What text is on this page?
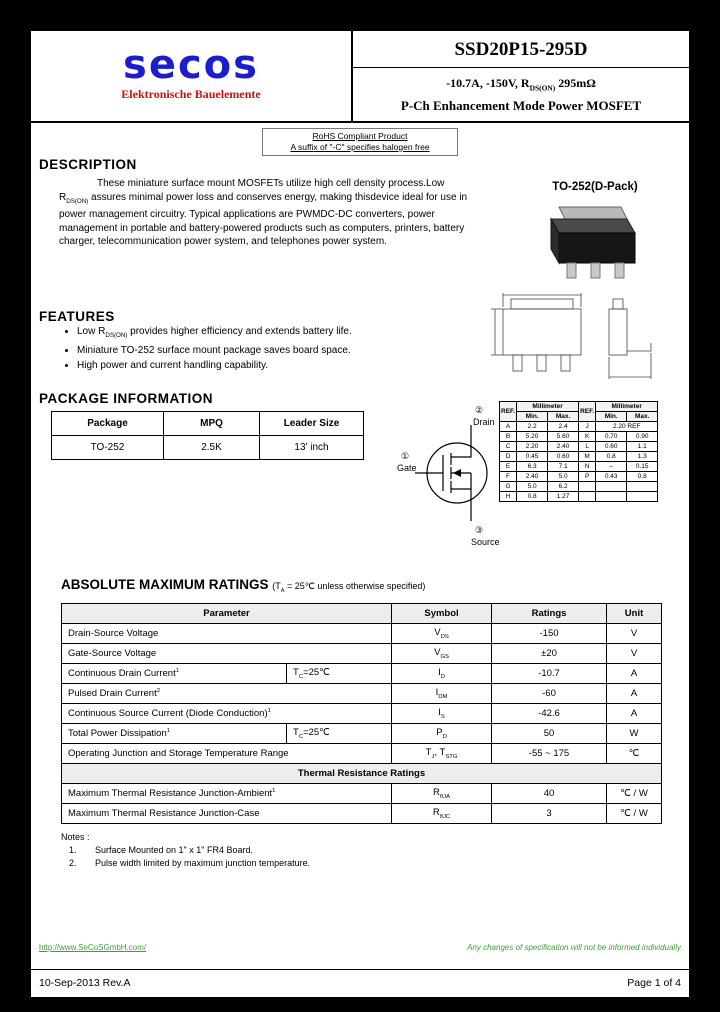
secos
Elektronische Bauelemente
SSD20P15-295D
-10.7A, -150V, $R_{DS(ON)}$ 295mΩ
P-Ch Enhancement Mode Power MOSFET
RoHS Compliant Product
A suffix of "-C" specifies halogen free
DESCRIPTION
These miniature surface mount MOSFETs utilize high cell density process.Low $R_{DS(ON)}$ assures minimal power loss and conserves energy, making thisdevice ideal for use in power management circuitry. Typical applications are PWMDC-DC converters, power management in portable and battery-powered products such as computers, printers, battery charger, telecommunication power system, and telephones power system.
TO-252(D-Pack)
FEATURES
• Low $R_{DS(ON)}$ provides higher efficiency and extends battery life.
• Miniature TO-252 surface mount package saves board space.
• High power and current handling capability.
PACKAGE INFORMATION
Package	MPQ	Leader Size
TO-252	2.5K	13' inch
②
Drain
①
Gate
③
Source
REF.	Millimeter		REF.	Millimeter	
	Min.	Max.		Min.	Max.
A	2.2	2.4	J	2.20 REF	
B	5.20	5.60	K	0.70	0.90
C	2.20	2.40	L	0.60	1.1
D	0.45	0.60	M	0.8	1.3
E	6.3	7.1	N	--	0.15
F	2.40	5.0	P	0.43	0.8
G	5.0	6.2			
H	0.8	1.27			
ABSOLUTE MAXIMUM RATINGS ($T_A$ = 25℃ unless otherwise specified)
Parameter		Symbol	Ratings	Unit
Drain-Source Voltage		$V_{DS}$	-150	V
Gate-Source Voltage		$V_{GS}$	±20	V
Continuous Drain Current$^1$	$T_C=25℃$	$I_D$	-10.7	A
Pulsed Drain Current$^2$		$I_{DM}$	-60	A
Continuous Source Current (Diode Conduction)$^1$		$I_S$	-42.6	A
Total Power Dissipation$^1$	$T_C=25℃$	$P_D$	50	W
Operating Junction and Storage Temperature Range		$T_J$, $T_{STG}$	-55 ~ 175	℃
Thermal Resistance Ratings				
Maximum Thermal Resistance Junction-Ambient$^1$		$R_{\theta JA}$	40	℃ / W
Maximum Thermal Resistance Junction-Case		$R_{\theta JC}$	3	℃ / W
Notes :
1. Surface Mounted on 1" x 1" FR4 Board.
2. Pulse width limited by maximum junction temperature.
http://www.SeCoSGmbH.com/	Any changes of specification will not be informed individually
10-Sep-2013 Rev.A	Page 1 of 4
